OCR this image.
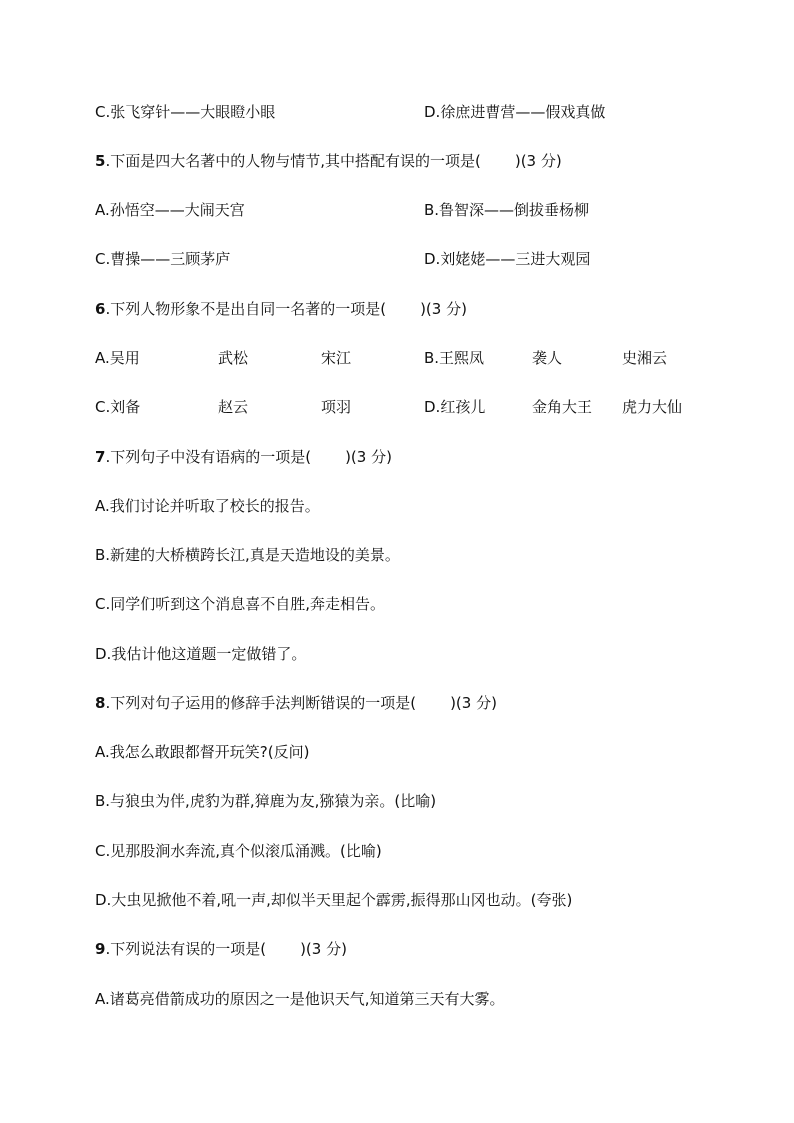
C.张飞穿针——大眼瞪小眼	D.徐庶进曹营——假戏真做
5.下面是四大名著中的人物与情节,其中搭配有误的一项是( )(3 分)
A.孙悟空——大闹天宫	B.鲁智深——倒拔垂杨柳
C.曹操——三顾茅庐	D.刘姥姥——三进大观园
6.下列人物形象不是出自同一名著的一项是( )(3 分)
A.吴用	武松	宋江	B.王熙凤	袭人	史湘云
C.刘备	赵云	项羽	D.红孩儿	金角大王 虎力大仙
7.下列句子中没有语病的一项是( )(3 分)
A.我们讨论并听取了校长的报告。
B.新建的大桥横跨长江,真是天造地设的美景。
C.同学们听到这个消息喜不自胜,奔走相告。
D.我估计他这道题一定做错了。
8.下列对句子运用的修辞手法判断错误的一项是( )(3 分)
A.我怎么敢跟都督开玩笑?(反问)
B.与狼虫为伴,虎豹为群,獐鹿为友,猕猿为亲。(比喻)
C.见那股涧水奔流,真个似滚瓜涌溅。(比喻)
D.大虫见掀他不着,吼一声,却似半天里起个霹雳,振得那山冈也动。(夸张)
9.下列说法有误的一项是( )(3 分)
A.诸葛亮借箭成功的原因之一是他识天气,知道第三天有大雾。
